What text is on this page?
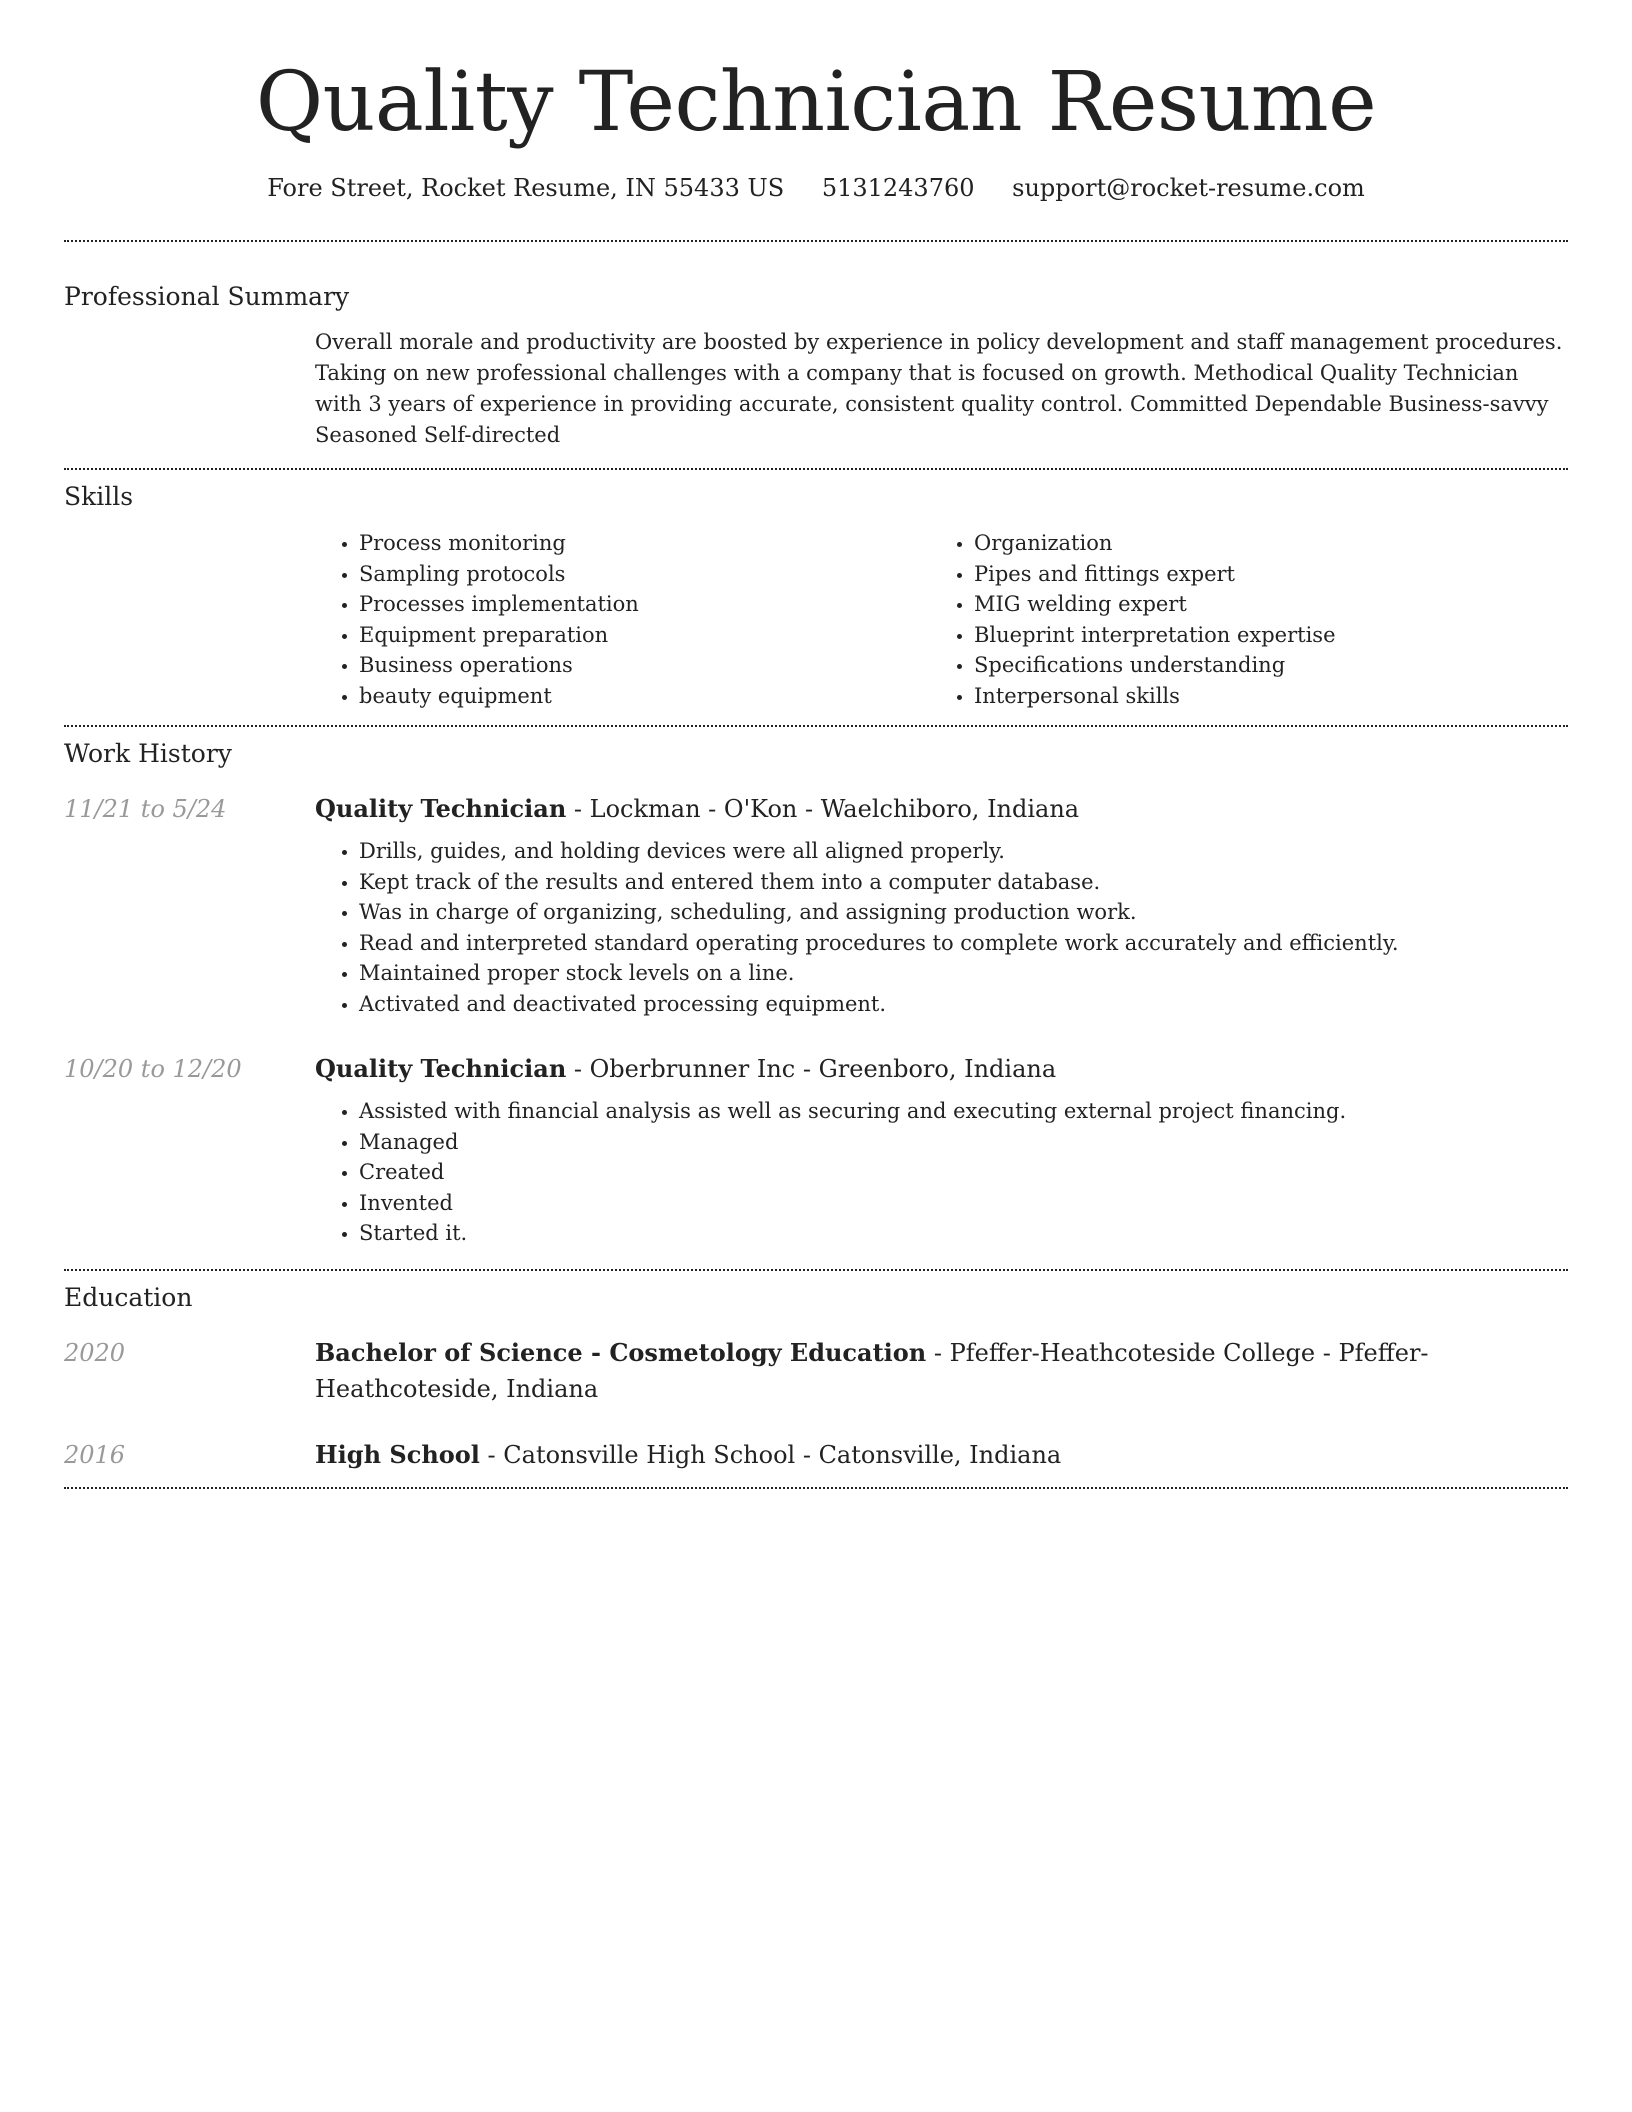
Quality Technician Resume
Fore Street, Rocket Resume, IN 55433 US 5131243760 support@rocket-resume.com
Professional Summary

Overall morale and productivity are boosted by experience in policy development and staff management procedures. Taking on new professional challenges with a company that is focused on growth. Methodical Quality Technician with 3 years of experience in providing accurate, consistent quality control. Committed Dependable Business-savvy Seasoned Self-directed

Skills
• Process monitoring
• Sampling protocols
• Processes implementation
• Equipment preparation
• Business operations
• beauty equipment
• Organization
• Pipes and fittings expert
• MIG welding expert
• Blueprint interpretation expertise
• Specifications understanding
• Interpersonal skills
Work History
11/21 to 5/24	Quality Technician - Lockman - O'Kon - Waelchiboro, Indiana
• Drills, guides, and holding devices were all aligned properly.
• Kept track of the results and entered them into a computer database.
• Was in charge of organizing, scheduling, and assigning production work.
• Read and interpreted standard operating procedures to complete work accurately and efficiently.
• Maintained proper stock levels on a line.
• Activated and deactivated processing equipment.
10/20 to 12/20	Quality Technician - Oberbrunner Inc - Greenboro, Indiana
• Assisted with financial analysis as well as securing and executing external project financing.
• Managed
• Created
• Invented
• Started it.
Education
2020	Bachelor of Science - Cosmetology Education - Pfeffer-Heathcoteside College - Pfeffer-Heathcoteside, Indiana
2016	High School - Catonsville High School - Catonsville, Indiana
